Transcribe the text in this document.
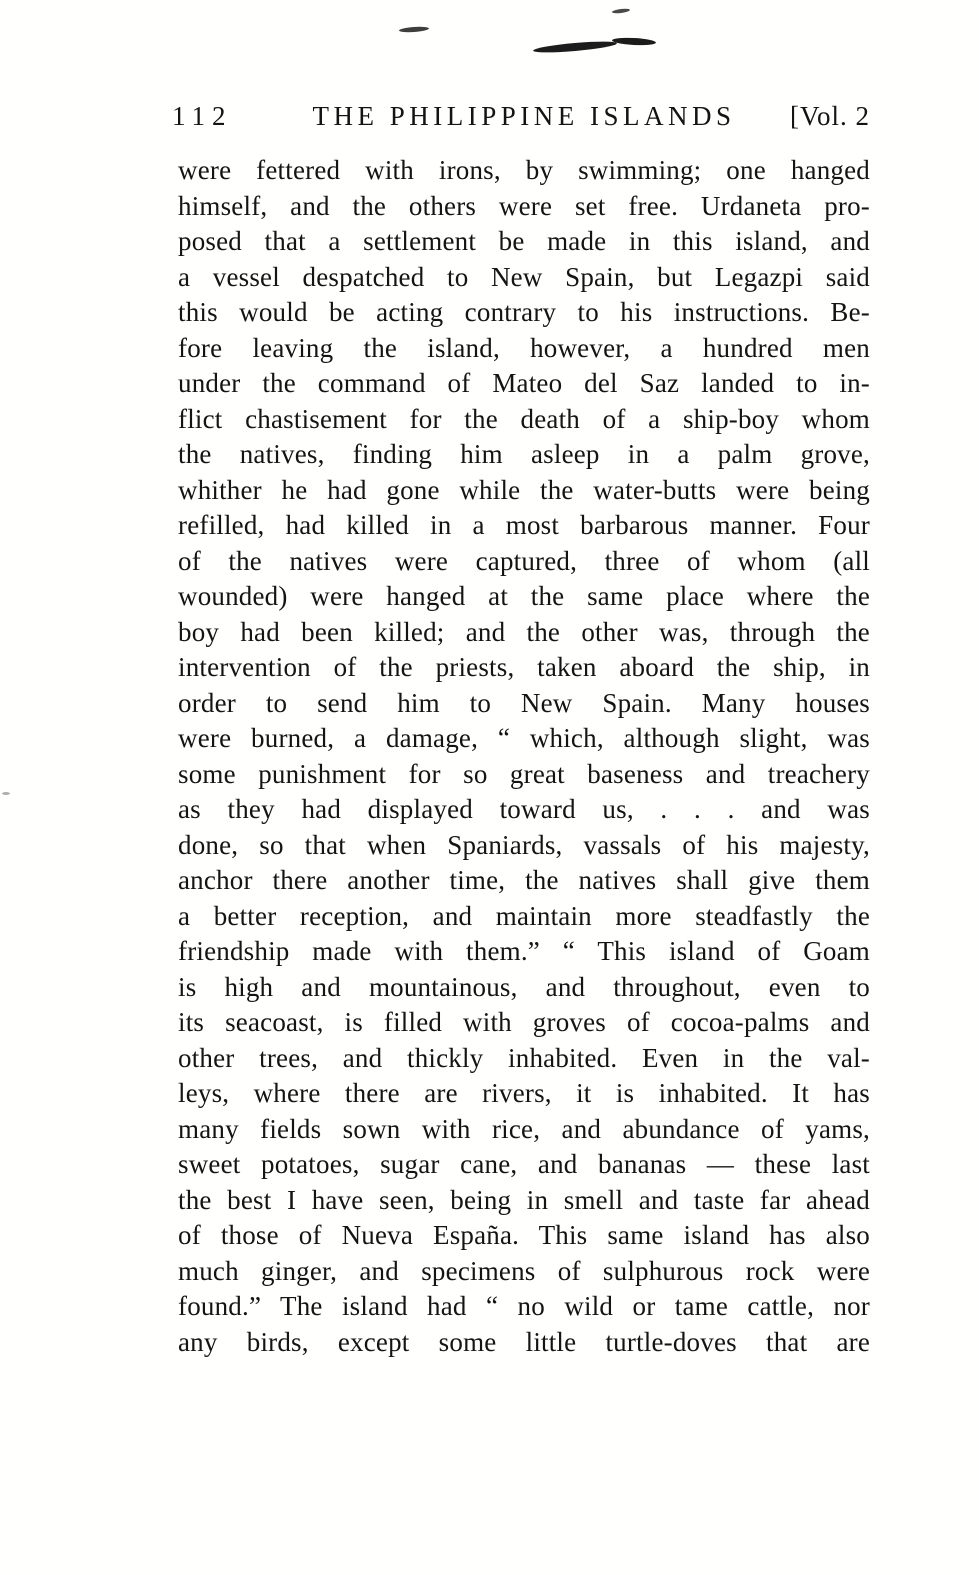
112	THE PHILIPPINE ISLANDS	[Vol. 2
were fettered with irons, by swimming; one hanged
himself, and the others were set free. Urdaneta pro-
posed that a settlement be made in this island, and
a vessel despatched to New Spain, but Legazpi said
this would be acting contrary to his instructions. Be-
fore leaving the island, however, a hundred men
under the command of Mateo del Saz landed to in-
flict chastisement for the death of a ship-boy whom
the natives, finding him asleep in a palm grove,
whither he had gone while the water-butts were being
refilled, had killed in a most barbarous manner. Four
of the natives were captured, three of whom (all
wounded) were hanged at the same place where the
boy had been killed; and the other was, through the
intervention of the priests, taken aboard the ship, in
order to send him to New Spain. Many houses
were burned, a damage, “ which, although slight, was
some punishment for so great baseness and treachery
as they had displayed toward us, . . . and was
done, so that when Spaniards, vassals of his majesty,
anchor there another time, the natives shall give them
a better reception, and maintain more steadfastly the
friendship made with them.” “ This island of Goam
is high and mountainous, and throughout, even to
its seacoast, is filled with groves of cocoa-palms and
other trees, and thickly inhabited. Even in the val-
leys, where there are rivers, it is inhabited. It has
many fields sown with rice, and abundance of yams,
sweet potatoes, sugar cane, and bananas — these last
the best I have seen, being in smell and taste far ahead
of those of Nueva España. This same island has also
much ginger, and specimens of sulphurous rock were
found.” The island had “ no wild or tame cattle, nor
any birds, except some little turtle-doves that are
